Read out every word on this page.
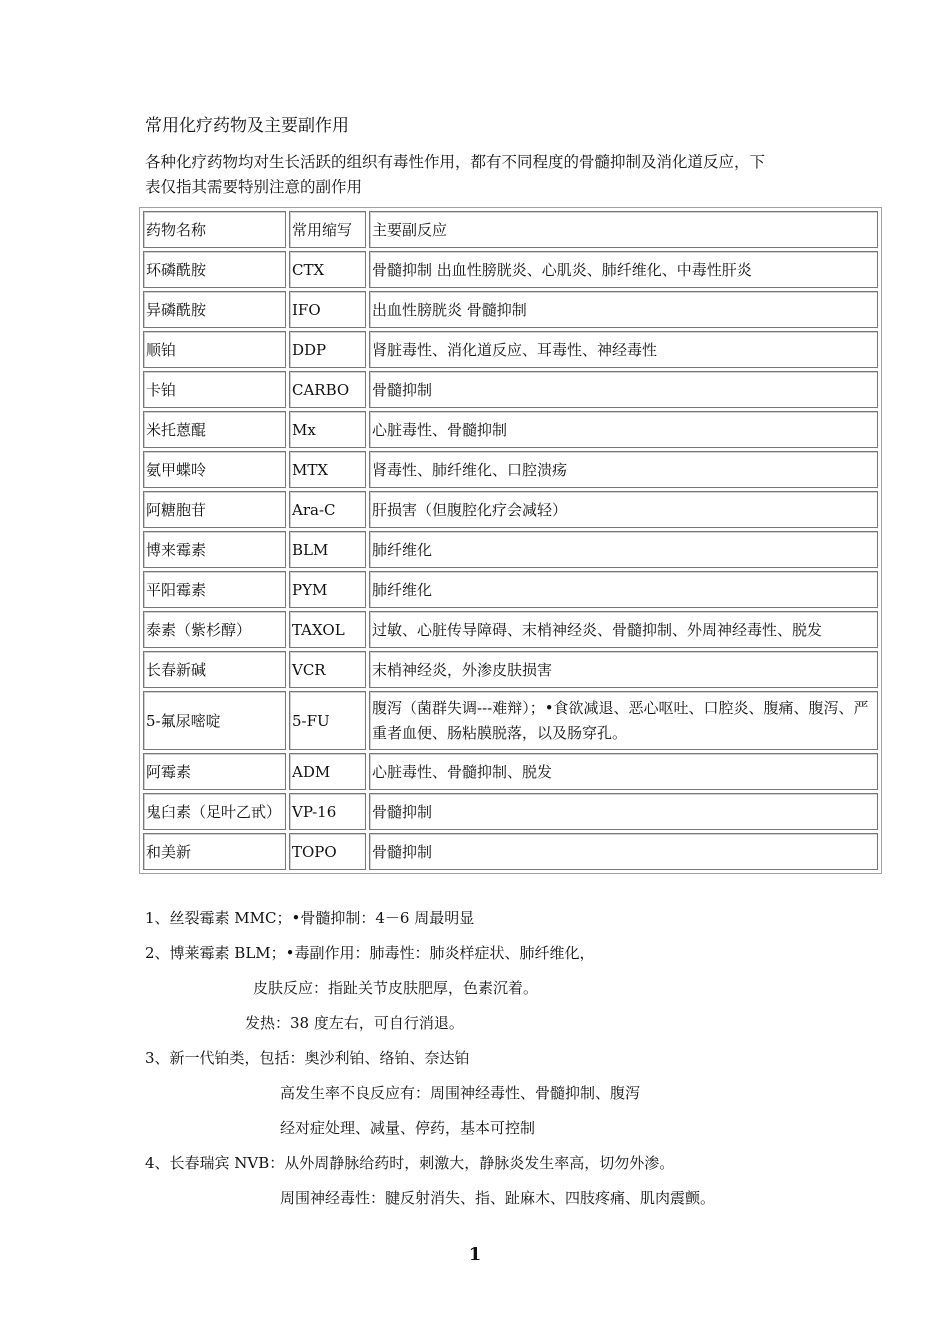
常用化疗药物及主要副作用
各种化疗药物均对生长活跃的组织有毒性作用，都有不同程度的骨髓抑制及消化道反应，下
表仅指其需要特别注意的副作用
药物名称	常用缩写	主要副反应
环磷酰胺	CTX	骨髓抑制 出血性膀胱炎、心肌炎、肺纤维化、中毒性肝炎
异磷酰胺	IFO	出血性膀胱炎 骨髓抑制
顺铂	DDP	肾脏毒性、消化道反应、耳毒性、神经毒性
卡铂	CARBO	骨髓抑制
米托蒽醌	Mx	心脏毒性、骨髓抑制
氨甲蝶呤	MTX	肾毒性、肺纤维化、口腔溃疡
阿糖胞苷	Ara-C	肝损害（但腹腔化疗会减轻）
博来霉素	BLM	肺纤维化
平阳霉素	PYM	肺纤维化
泰素（紫杉醇）	TAXOL	过敏、心脏传导障碍、末梢神经炎、骨髓抑制、外周神经毒性、脱发
长春新碱	VCR	末梢神经炎，外渗皮肤损害
5-氟尿嘧啶	5-FU	腹泻（菌群失调---难辩）；•食欲减退、恶心呕吐、口腔炎、腹痛、腹泻、严重者血便、肠粘膜脱落，以及肠穿孔。
阿霉素	ADM	心脏毒性、骨髓抑制、脱发
鬼臼素（足叶乙甙）	VP-16	骨髓抑制
和美新	TOPO	骨髓抑制
1、丝裂霉素 MMC；•骨髓抑制：4－6 周最明显
2、博莱霉素 BLM；•毒副作用：肺毒性：肺炎样症状、肺纤维化，
皮肤反应：指趾关节皮肤肥厚，色素沉着。
发热：38 度左右，可自行消退。
3、新一代铂类，包括：奥沙利铂、络铂、奈达铂
高发生率不良反应有：周围神经毒性、骨髓抑制、腹泻
经对症处理、减量、停药，基本可控制
4、长春瑞宾 NVB：从外周静脉给药时，刺激大，静脉炎发生率高，切勿外渗。
周围神经毒性：腱反射消失、指、趾麻木、四肢疼痛、肌肉震颤。
1
